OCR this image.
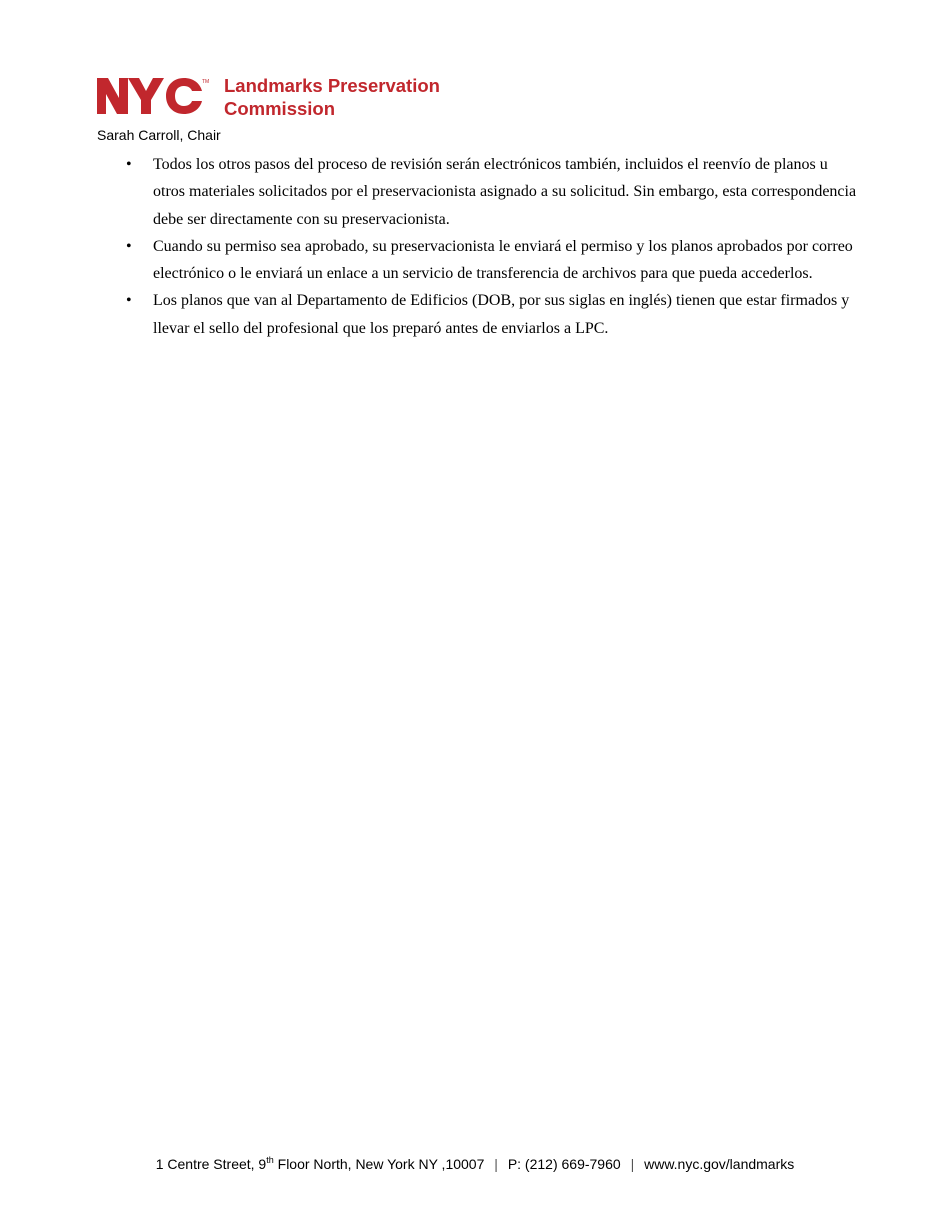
TM Landmarks Preservation
Commission
Sarah Carroll, Chair
• Todos los otros pasos del proceso de revisión serán electrónicos también, incluidos el reenvío de planos u otros materiales solicitados por el preservacionista asignado a su solicitud. Sin embargo, esta correspondencia debe ser directamente con su preservacionista.
• Cuando su permiso sea aprobado, su preservacionista le enviará el permiso y los planos aprobados por correo electrónico o le enviará un enlace a un servicio de transferencia de archivos para que pueda accederlos.
• Los planos que van al Departamento de Edificios (DOB, por sus siglas en inglés) tienen que estar firmados y llevar el sello del profesional que los preparó antes de enviarlos a LPC.
1 Centre Street, 9th Floor North, New York NY ,10007 | P: (212) 669-7960 | www.nyc.gov/landmarks
